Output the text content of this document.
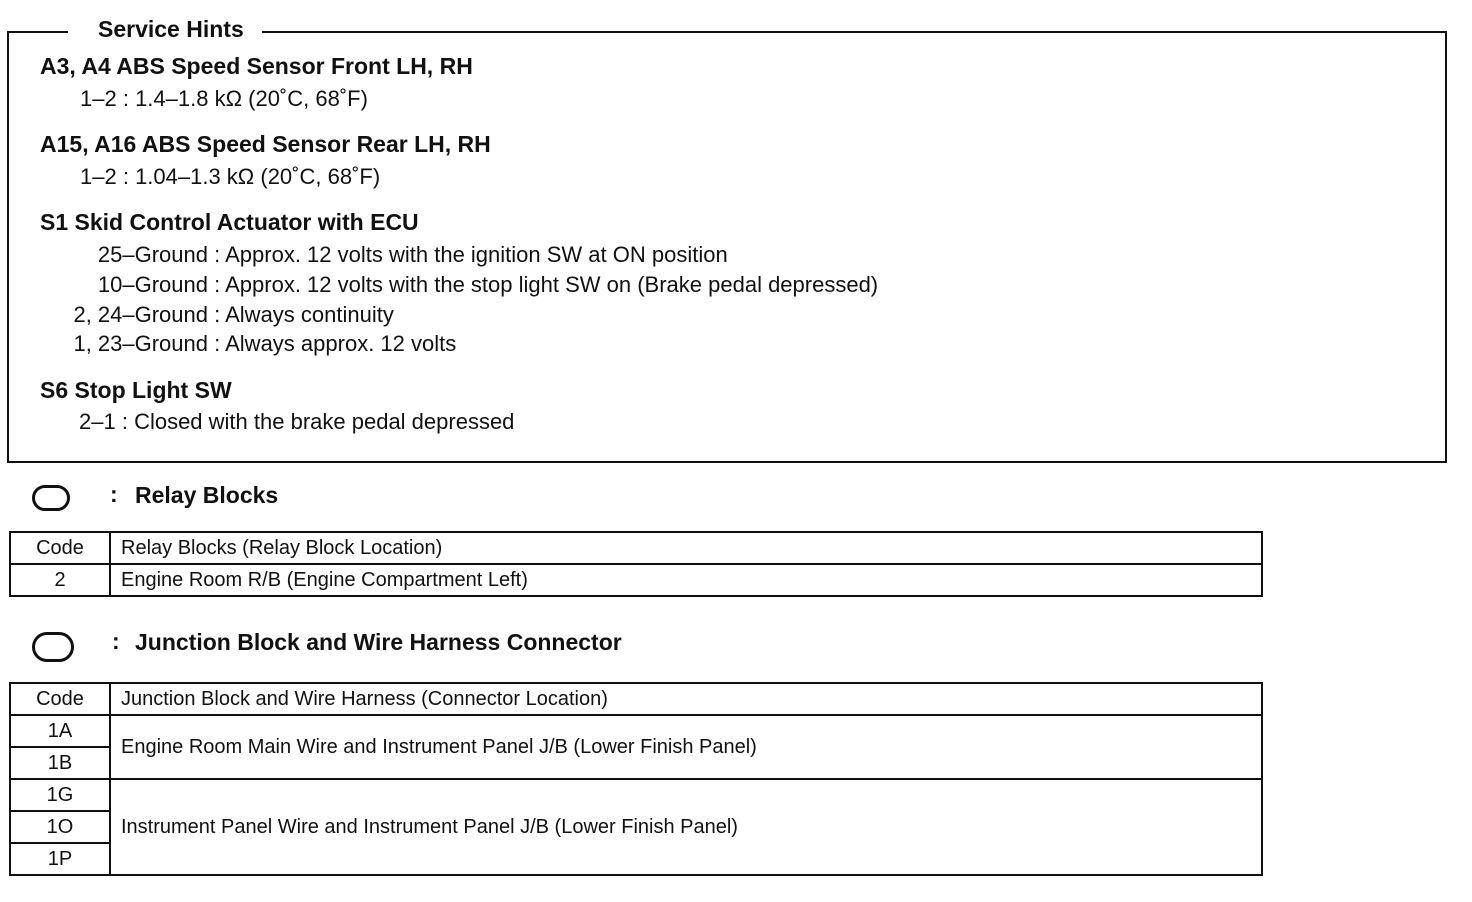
Service Hints
A3, A4 ABS Speed Sensor Front LH, RH
1–2 : 1.4–1.8 kΩ (20˚C, 68˚F)
A15, A16 ABS Speed Sensor Rear LH, RH
1–2 : 1.04–1.3 kΩ (20˚C, 68˚F)
S1 Skid Control Actuator with ECU
25–Ground : Approx. 12 volts with the ignition SW at ON position
10–Ground : Approx. 12 volts with the stop light SW on (Brake pedal depressed)
2, 24–Ground : Always continuity
1, 23–Ground : Always approx. 12 volts
S6 Stop Light SW
2–1 : Closed with the brake pedal depressed
: Relay Blocks
Code	Relay Blocks (Relay Block Location)
2	Engine Room R/B (Engine Compartment Left)
: Junction Block and Wire Harness Connector
Code	Junction Block and Wire Harness (Connector Location)
1A	Engine Room Main Wire and Instrument Panel J/B (Lower Finish Panel)
1B	
1G	Instrument Panel Wire and Instrument Panel J/B (Lower Finish Panel)
1O	
1P	
